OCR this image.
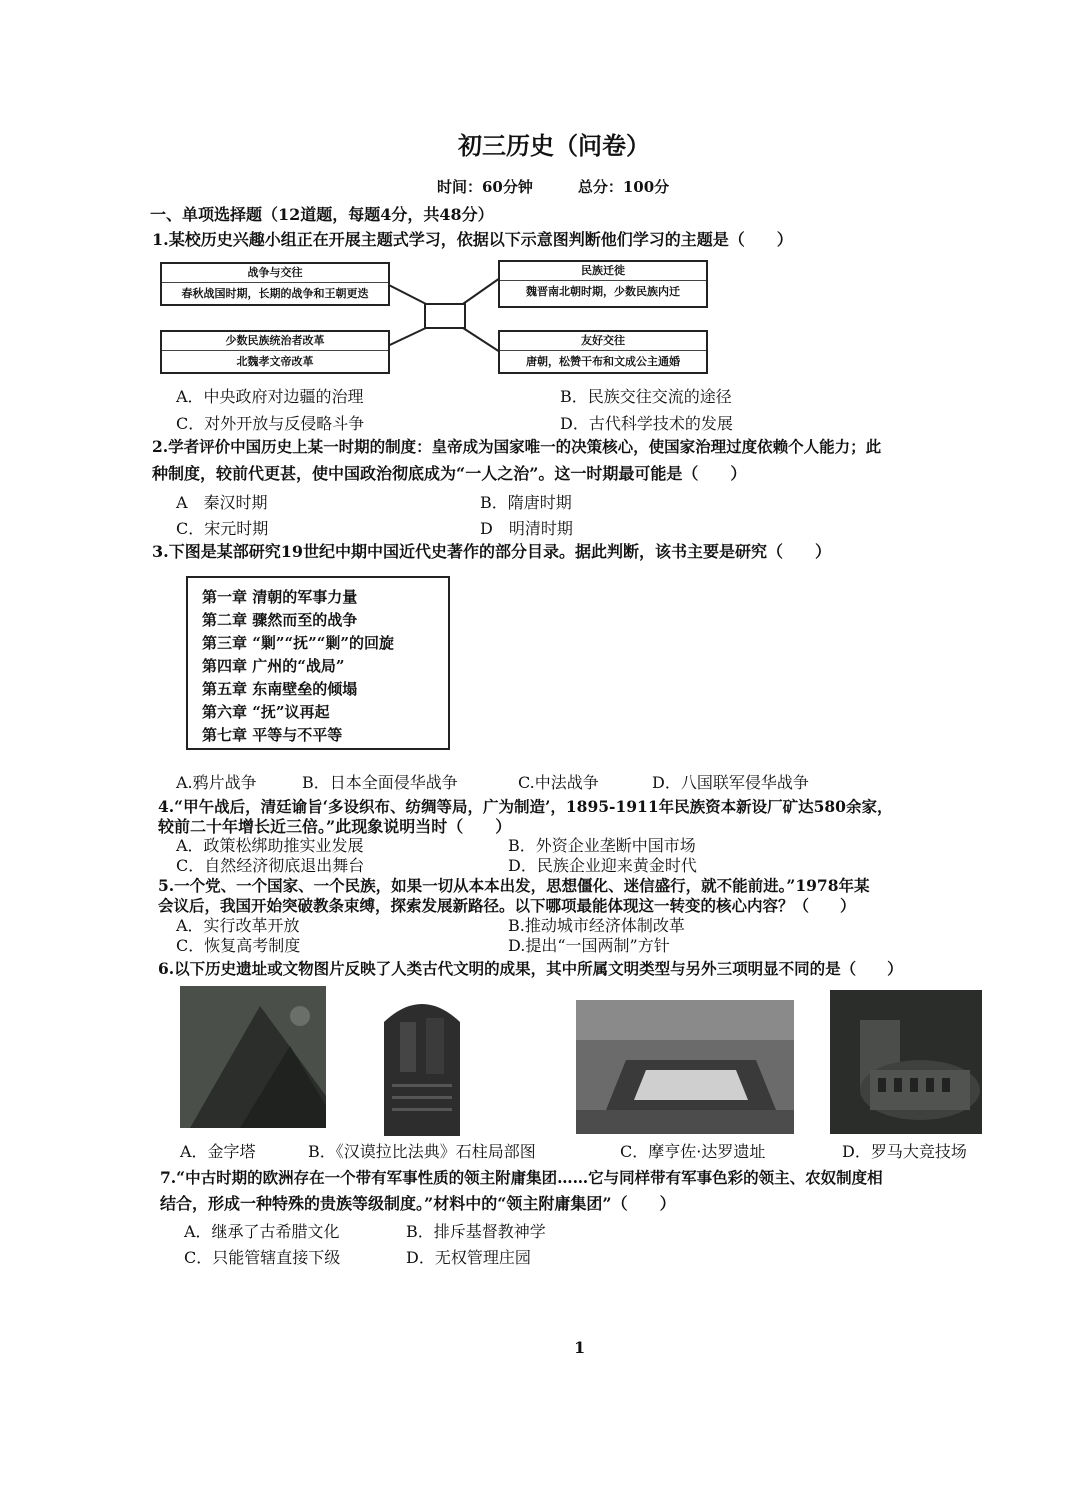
初三历史（问卷）
时间：60分钟　　　总分：100分
一、单项选择题（12道题，每题4分，共48分）
1.某校历史兴趣小组正在开展主题式学习，依据以下示意图判断他们学习的主题是（　　）
战争与交往
春秋战国时期，长期的战争和王朝更迭
民族迁徙
魏晋南北朝时期，少数民族内迁
少数民族统治者改革
北魏孝文帝改革
友好交往
唐朝，松赞干布和文成公主通婚
A．中央政府对边疆的治理	B．民族交往交流的途径
C．对外开放与反侵略斗争	D．古代科学技术的发展
2.学者评价中国历史上某一时期的制度：皇帝成为国家唯一的决策核心，使国家治理过度依赖个人能力；此
种制度，较前代更甚，使中国政治彻底成为“一人之治”。这一时期最可能是（　　）
A　秦汉时期	B．隋唐时期
C．宋元时期	D　明清时期
3.下图是某部研究19世纪中期中国近代史著作的部分目录。据此判断，该书主要是研究（　　）
第一章 清朝的军事力量
第二章 骤然而至的战争
第三章 “剿”“抚”“剿”的回旋
第四章 广州的“战局”
第五章 东南壁垒的倾塌
第六章 “抚”议再起
第七章 平等与不平等
A.鸦片战争	B．日本全面侵华战争	C.中法战争	D．八国联军侵华战争
4.“甲午战后，清廷谕旨‘多设织布、纺绸等局，广为制造’，1895-1911年民族资本新设厂矿达580余家，
较前二十年增长近三倍。”此现象说明当时（　　）
A．政策松绑助推实业发展	B．外资企业垄断中国市场
C．自然经济彻底退出舞台	D．民族企业迎来黄金时代
5.一个党、一个国家、一个民族，如果一切从本本出发，思想僵化、迷信盛行，就不能前进。”1978年某
会议后，我国开始突破教条束缚，探索发展新路径。以下哪项最能体现这一转变的核心内容？（　　）
A．实行改革开放	B.推动城市经济体制改革
C．恢复高考制度	D.提出“一国两制”方针
6.以下历史遗址或文物图片反映了人类古代文明的成果，其中所属文明类型与另外三项明显不同的是（　　）
A．金字塔	B．《汉谟拉比法典》石柱局部图	C．摩亨佐·达罗遗址	D．罗马大竞技场
7.“中古时期的欧洲存在一个带有军事性质的领主附庸集团……它与同样带有军事色彩的领主、农奴制度相
结合，形成一种特殊的贵族等级制度。”材料中的“领主附庸集团”（　　）
A．继承了古希腊文化	B．排斥基督教神学
C．只能管辖直接下级	D．无权管理庄园
1
